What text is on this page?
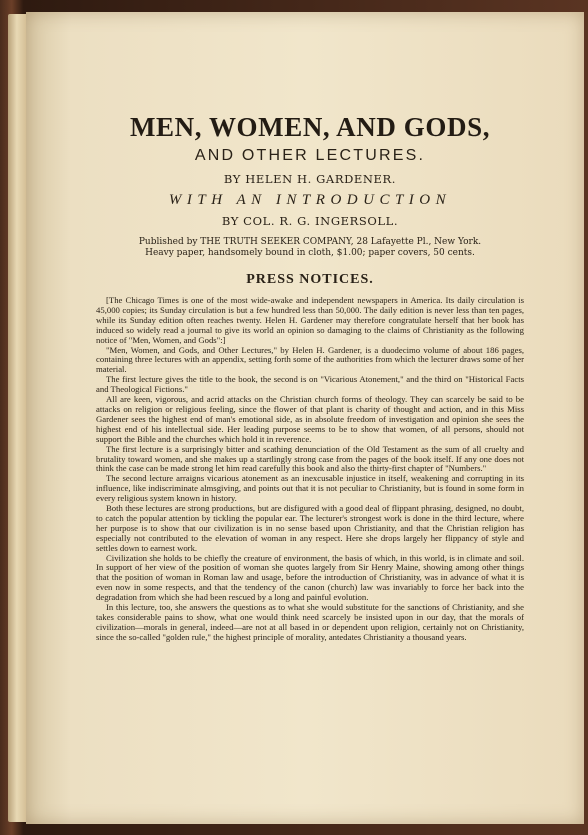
MEN, WOMEN, AND GODS,
AND OTHER LECTURES.
BY HELEN H. GARDENER.
WITH AN INTRODUCTION
BY COL. R. G. INGERSOLL.
Published by THE TRUTH SEEKER COMPANY, 28 Lafayette Pl., New York.
Heavy paper, handsomely bound in cloth, $1.00; paper covers, 50 cents.
PRESS NOTICES.

[The Chicago Times is one of the most wide-awake and independent newspapers in America. Its daily circulation is 45,000 copies; its Sunday circulation is but a few hundred less than 50,000. The daily edition is never less than ten pages, while its Sunday edition often reaches twenty. Helen H. Gardener may therefore congratulate herself that her book has induced so widely read a journal to give its world an opinion so damaging to the claims of Christianity as the following notice of "Men, Women, and Gods":]

"Men, Women, and Gods, and Other Lectures," by Helen H. Gardener, is a duodecimo volume of about 186 pages, containing three lectures with an appendix, setting forth some of the authorities from which the lecturer draws some of her material.

The first lecture gives the title to the book, the second is on "Vicarious Atonement," and the third on "Historical Facts and Theological Fictions."

All are keen, vigorous, and acrid attacks on the Christian church forms of theology. They can scarcely be said to be attacks on religion or religious feeling, since the flower of that plant is charity of thought and action, and in this Miss Gardener sees the highest end of man's emotional side, as in absolute freedom of investigation and opinion she sees the highest end of his intellectual side. Her leading purpose seems to be to show that women, of all persons, should not support the Bible and the churches which hold it in reverence.

The first lecture is a surprisingly bitter and scathing denunciation of the Old Testament as the sum of all cruelty and brutality toward women, and she makes up a startlingly strong case from the pages of the book itself. If any one does not think the case can be made strong let him read carefully this book and also the thirty-first chapter of "Numbers."

The second lecture arraigns vicarious atonement as an inexcusable injustice in itself, weakening and corrupting in its influence, like indiscriminate almsgiving, and points out that it is not peculiar to Christianity, but is found in some form in every religious system known in history.

Both these lectures are strong productions, but are disfigured with a good deal of flippant phrasing, designed, no doubt, to catch the popular attention by tickling the popular ear. The lecturer's strongest work is done in the third lecture, where her purpose is to show that our civilization is in no sense based upon Christianity, and that the Christian religion has especially not contributed to the elevation of woman in any respect. Here she drops largely her flippancy of style and settles down to earnest work.

Civilization she holds to be chiefly the creature of environment, the basis of which, in this world, is in climate and soil. In support of her view of the position of woman she quotes largely from Sir Henry Maine, showing among other things that the position of woman in Roman law and usage, before the introduction of Christianity, was in advance of what it is even now in some respects, and that the tendency of the canon (church) law was invariably to force her back into the degradation from which she had been rescued by a long and painful evolution.

In this lecture, too, she answers the questions as to what she would substitute for the sanctions of Christianity, and she takes considerable pains to show, what one would think need scarcely be insisted upon in our day, that the morals of civilization—morals in general, indeed—are not at all based in or dependent upon religion, certainly not on Christianity, since the so-called "golden rule," the highest principle of morality, antedates Christianity a thousand years.
